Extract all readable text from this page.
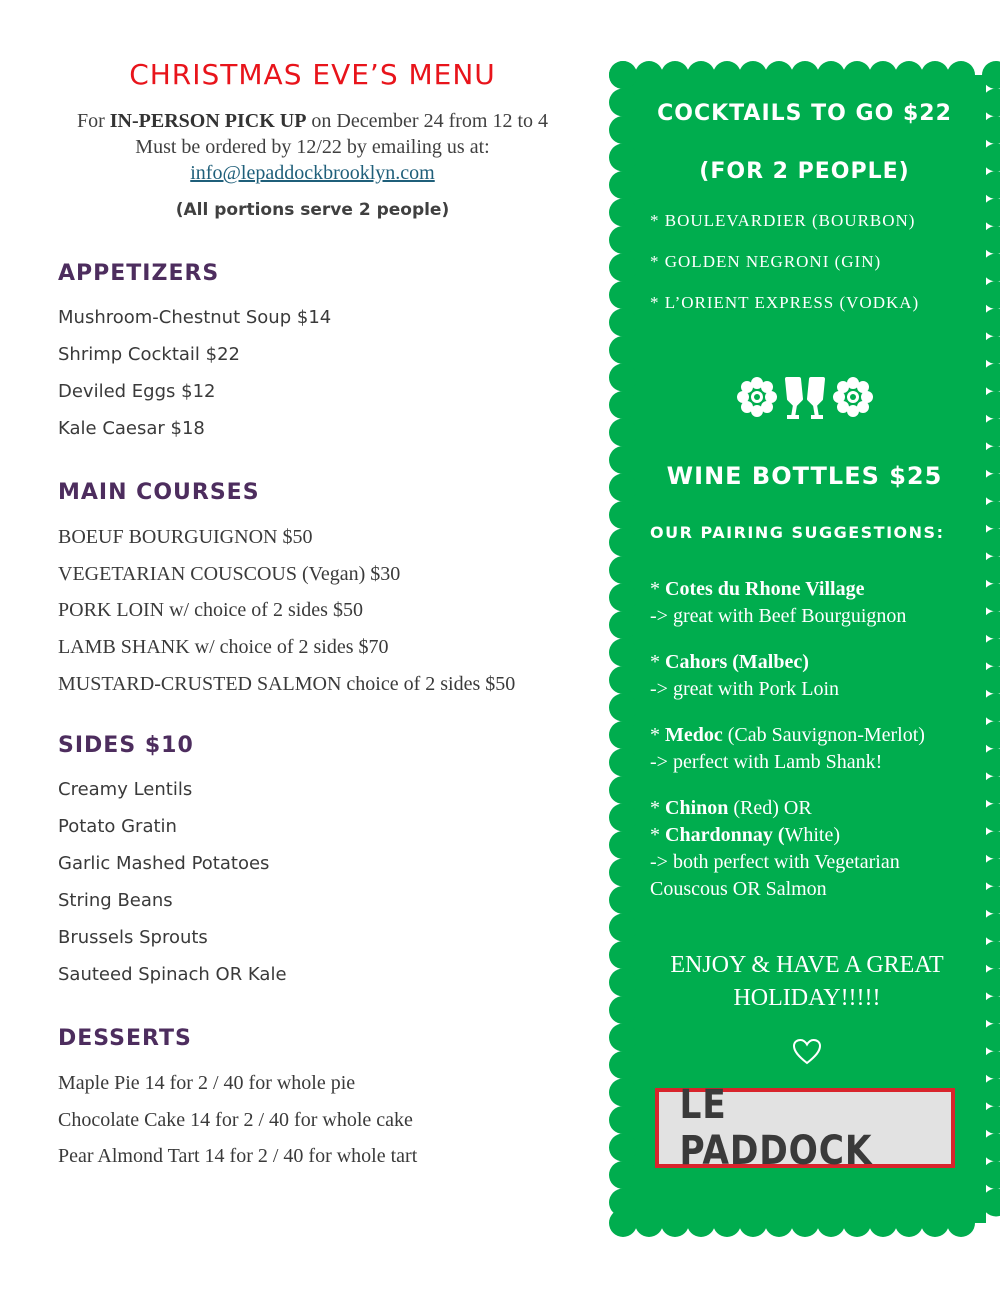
CHRISTMAS EVE’S MENU
For IN-PERSON PICK UP on December 24 from 12 to 4
Must be ordered by 12/22 by emailing us at:
info@lepaddockbrooklyn.com
(All portions serve 2 people)
APPETIZERS
Mushroom-Chestnut Soup $14
Shrimp Cocktail $22
Deviled Eggs $12
Kale Caesar $18
MAIN COURSES
BOEUF BOURGUIGNON $50
VEGETARIAN COUSCOUS (Vegan) $30
PORK LOIN w/ choice of 2 sides $50
LAMB SHANK w/ choice of 2 sides $70
MUSTARD-CRUSTED SALMON choice of 2 sides $50
SIDES $10
Creamy Lentils
Potato Gratin
Garlic Mashed Potatoes
String Beans
Brussels Sprouts
Sauteed Spinach OR Kale
DESSERTS
Maple Pie 14 for 2 / 40 for whole pie
Chocolate Cake 14 for 2 / 40 for whole cake
Pear Almond Tart 14 for 2 / 40 for whole tart
COCKTAILS TO GO $22
(FOR 2 PEOPLE)
* BOULEVARDIER (BOURBON)
* GOLDEN NEGRONI (GIN)
* L’ORIENT EXPRESS (VODKA)
WINE BOTTLES $25
OUR PAIRING SUGGESTIONS:
* Cotes du Rhone Village
-> great with Beef Bourguignon
* Cahors (Malbec)
-> great with Pork Loin
* Medoc (Cab Sauvignon-Merlot)
-> perfect with Lamb Shank!
* Chinon (Red) OR
* Chardonnay (White)
-> both perfect with Vegetarian
Couscous OR Salmon
ENJOY & HAVE A GREAT
HOLIDAY!!!!!
LE PADDOCK
